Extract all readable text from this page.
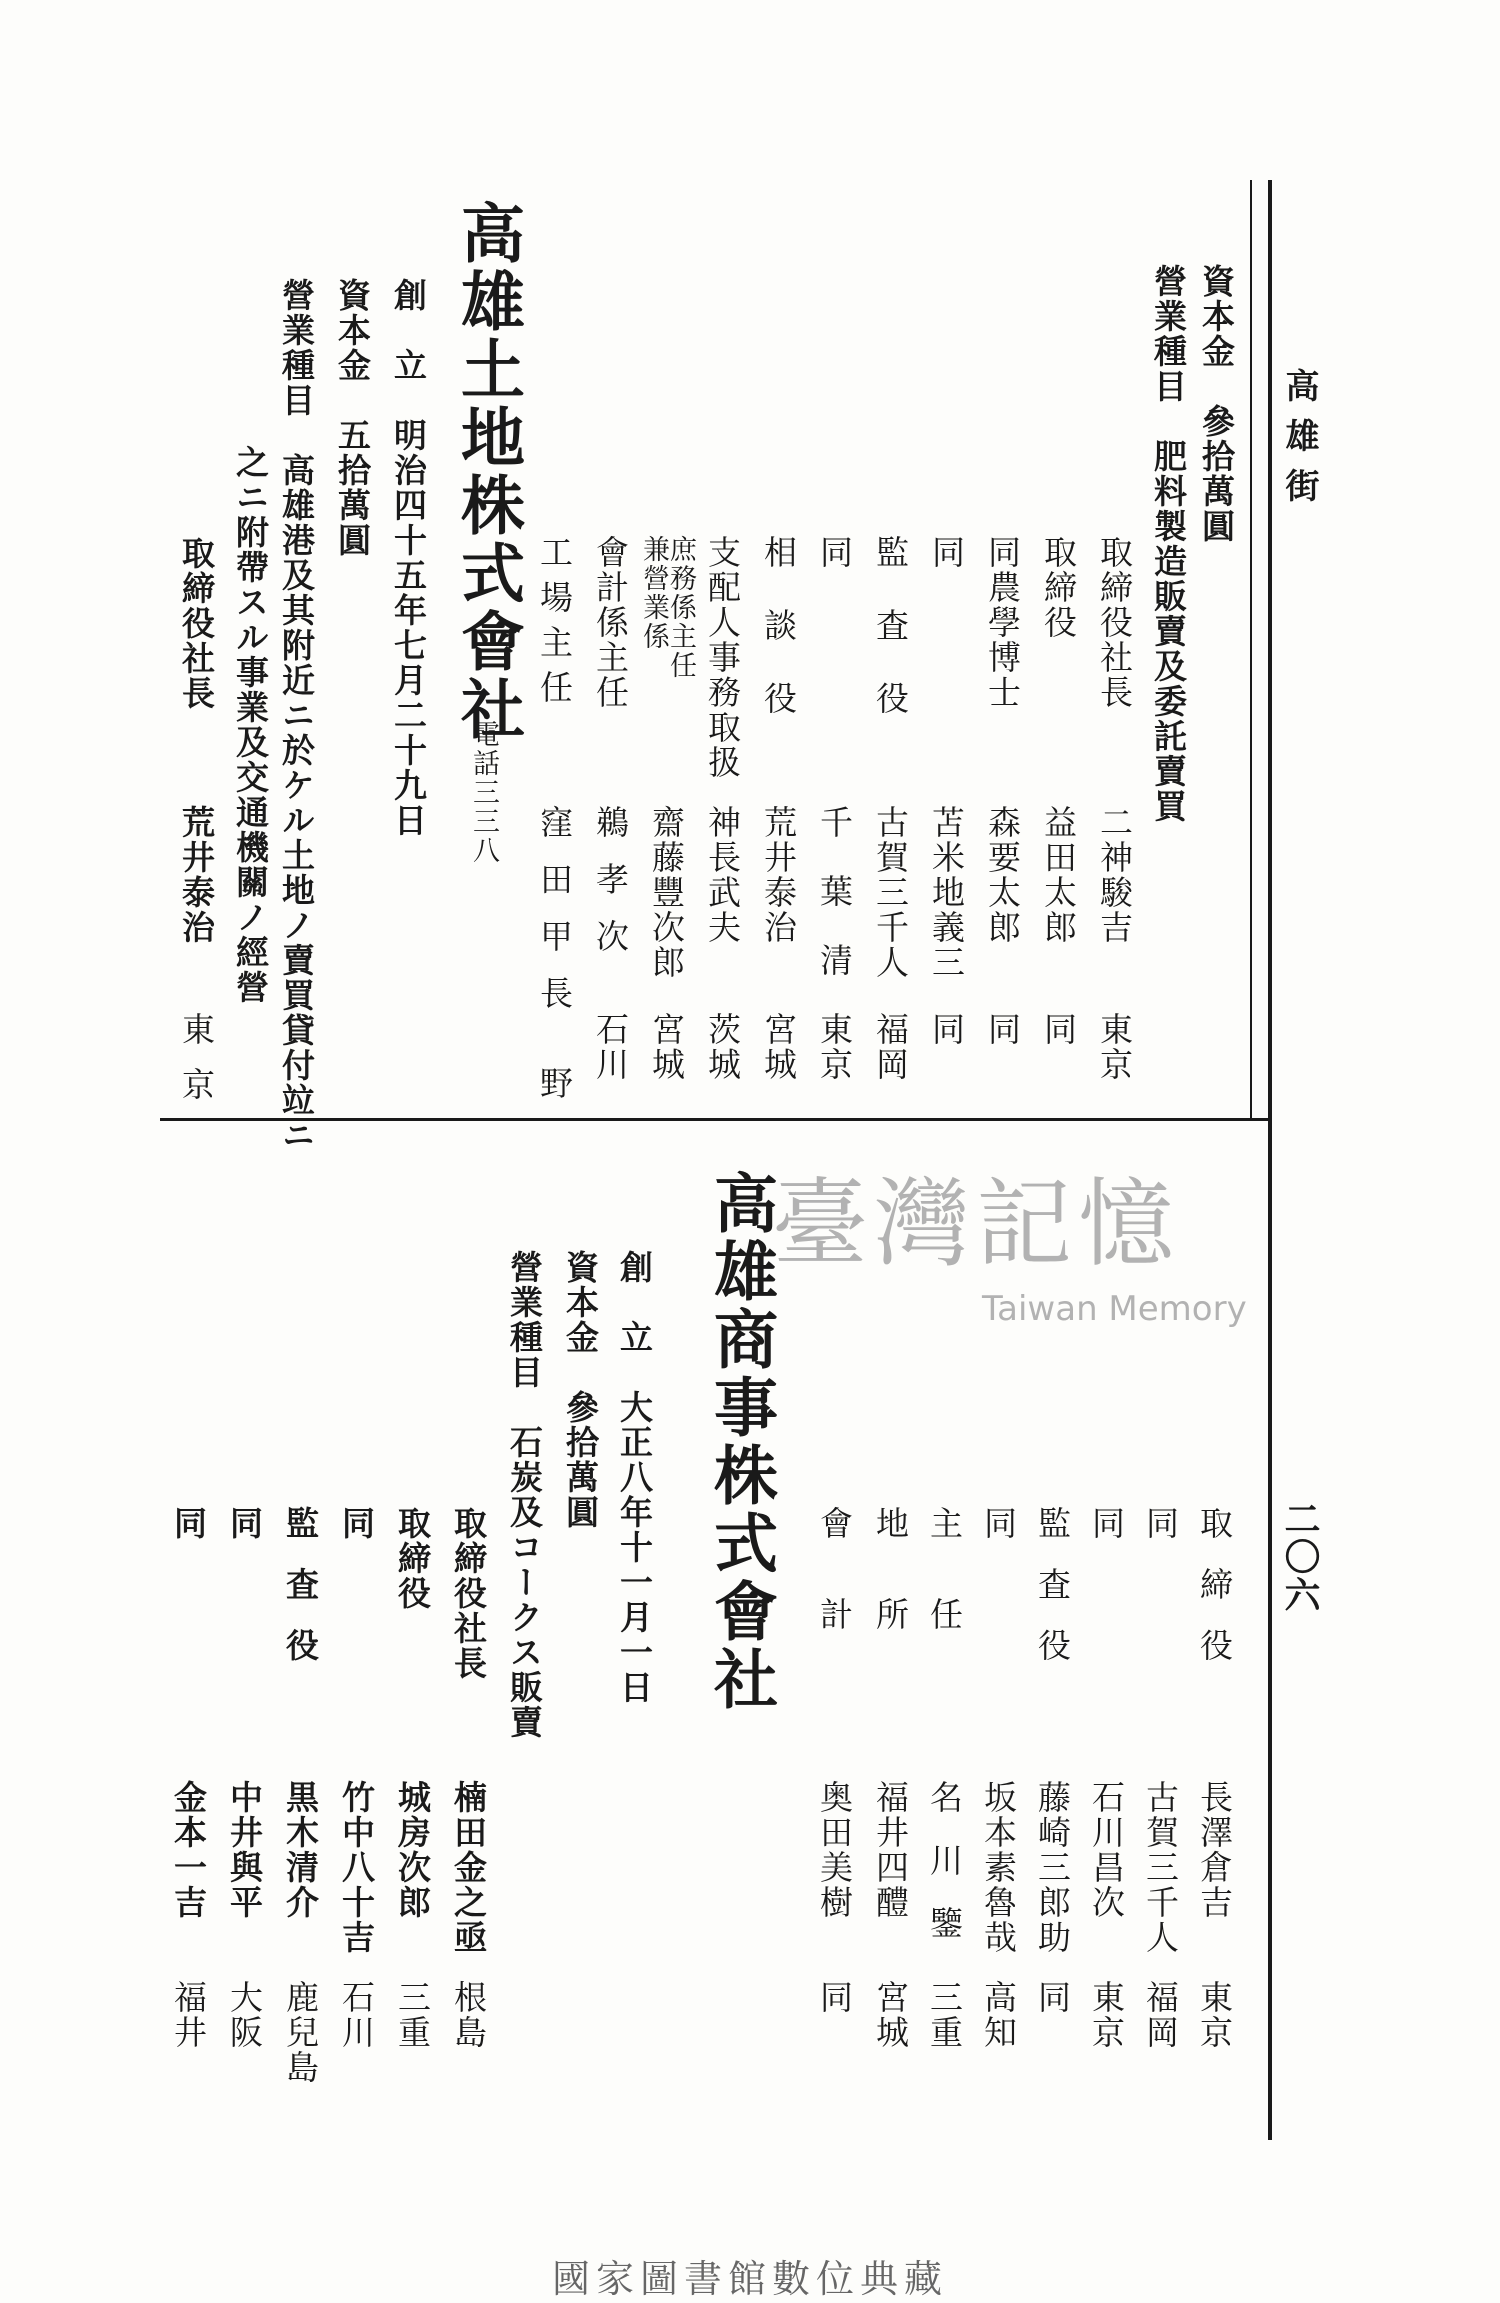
高雄街
二〇六
資本金　參拾萬圓
營業種目　肥料製造販賣及委託賣買
取締役社長
二神駿吉
東京
取締役
益田太郎
同
同農學博士
森要太郎
同
同
苫米地義三
同
監査役
古賀三千人
福岡
同
千葉清
東京
相談役
荒井泰治
宮城
支配人事務取扱
神長武夫
茨城
庶務係主任
兼營業係
齋藤豐次郎
宮城
會計係主任
鵜孝次
石川
工場主任
窪田甲長
野
高雄土地株式會社
電話三三八
創　立　明治四十五年七月二十九日
資本金　五拾萬圓
營業種目　高雄港及其附近ニ於ケル土地ノ賣買貸付竝ニ
之ニ附帶スル事業及交通機關ノ經營
取締役社長
荒井泰治
東京
取締役
長澤倉吉
東京
同
古賀三千人
福岡
同
石川昌次
東京
監査役
藤崎三郎助
同
同
坂本素魯哉
高知
主任
名川鑒
三重
地所
福井四醴
宮城
會計
奥田美樹
同
高雄商事株式會社
創　立　大正八年十一月一日
資本金　參拾萬圓
營業種目　石炭及コークス販賣
取締役社長
楠田金之亟
根島
取締役
城房次郎
三重
同
竹中八十吉
石川
監査役
黒木清介
鹿兒島
同
中井與平
大阪
同
金本一吉
福井
臺灣記憶
Taiwan Memory
國家圖書館數位典藏
